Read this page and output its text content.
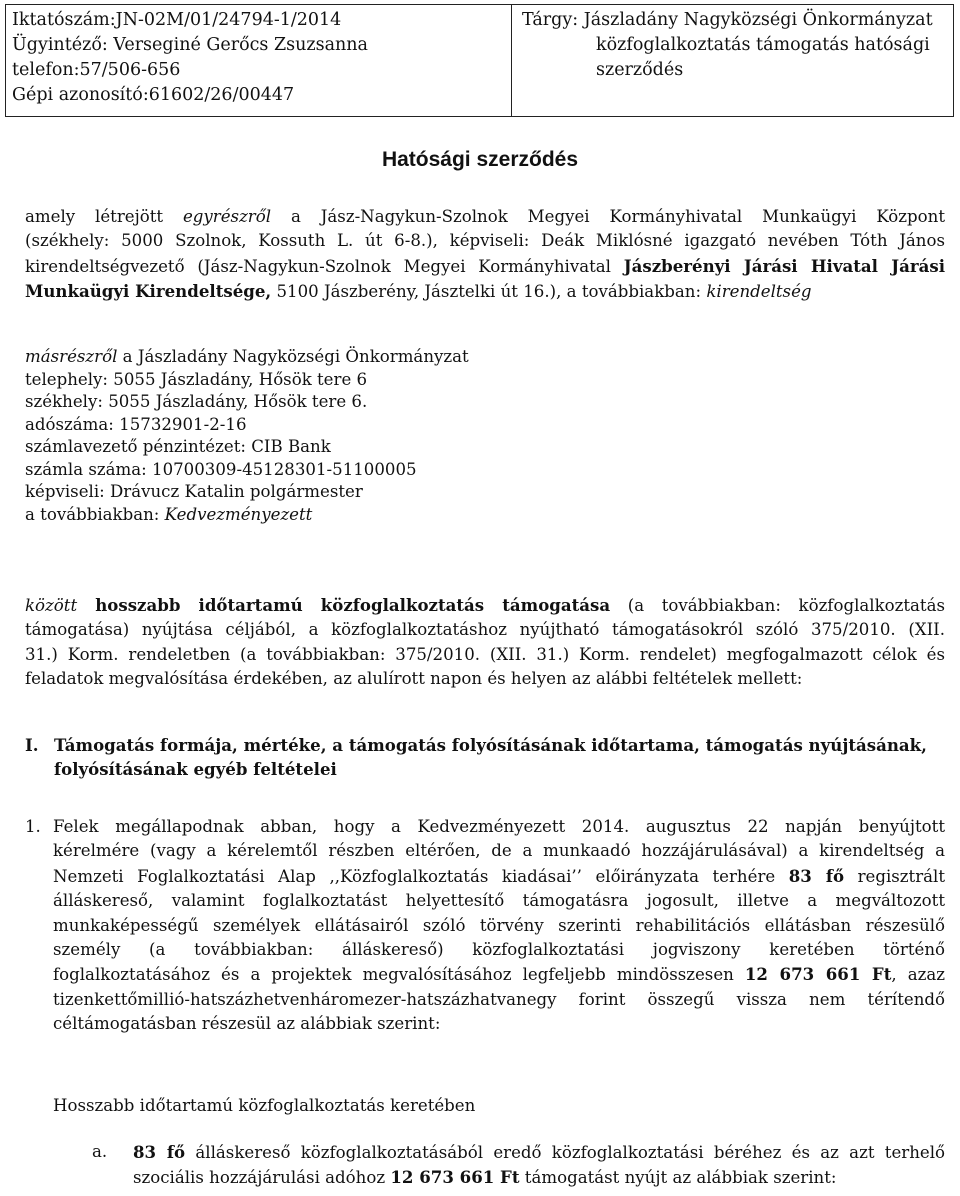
Iktatószám:JN-02M/01/24794-1/2014
Ügyintéző: Verseginé Gerőcs Zsuzsanna
telefon:57/506-656
Gépi azonosító:61602/26/00447
Tárgy: Jászladány Nagyközségi Önkormányzat
közfoglalkoztatás támogatás hatósági
szerződés
Hatósági szerződés
amely létrejött egyrészről a Jász-Nagykun-Szolnok Megyei Kormányhivatal Munkaügyi Központ
(székhely: 5000 Szolnok, Kossuth L. út 6-8.), képviseli: Deák Miklósné igazgató nevében Tóth János
kirendeltségvezető (Jász-Nagykun-Szolnok Megyei Kormányhivatal Jászberényi Járási Hivatal Járási
Munkaügyi Kirendeltsége, 5100 Jászberény, Jásztelki út 16.), a továbbiakban: kirendeltség
másrészről a Jászladány Nagyközségi Önkormányzat
telephely: 5055 Jászladány, Hősök tere 6
székhely: 5055 Jászladány, Hősök tere 6.
adószáma: 15732901-2-16
számlavezető pénzintézet: CIB Bank
számla száma: 10700309-45128301-51100005
képviseli: Drávucz Katalin polgármester
a továbbiakban: Kedvezményezett
között hosszabb időtartamú közfoglalkoztatás támogatása (a továbbiakban: közfoglalkoztatás
támogatása) nyújtása céljából, a közfoglalkoztatáshoz nyújtható támogatásokról szóló 375/2010. (XII.
31.) Korm. rendeletben (a továbbiakban: 375/2010. (XII. 31.) Korm. rendelet) megfogalmazott célok és
feladatok megvalósítása érdekében, az alulírott napon és helyen az alábbi feltételek mellett:
I. Támogatás formája, mértéke, a támogatás folyósításának időtartama, támogatás nyújtásának,
folyósításának egyéb feltételei
1. Felek megállapodnak abban, hogy a Kedvezményezett 2014. augusztus 22 napján benyújtott
kérelmére (vagy a kérelemtől részben eltérően, de a munkaadó hozzájárulásával) a kirendeltség a
Nemzeti Foglalkoztatási Alap ,,Közfoglalkoztatás kiadásai’’ előirányzata terhére 83 fő regisztrált
álláskereső, valamint foglalkoztatást helyettesítő támogatásra jogosult, illetve a megváltozott
munkaképességű személyek ellátásairól szóló törvény szerinti rehabilitációs ellátásban részesülő
személy (a továbbiakban: álláskereső) közfoglalkoztatási jogviszony keretében történő
foglalkoztatásához és a projektek megvalósításához legfeljebb mindösszesen 12 673 661 Ft, azaz
tizenkettőmillió-hatszázhetvenháromezer-hatszázhatvanegy forint összegű vissza nem térítendő
céltámogatásban részesül az alábbiak szerint:
Hosszabb időtartamú közfoglalkoztatás keretében
a. 83 fő álláskereső közfoglalkoztatásából eredő közfoglalkoztatási béréhez és az azt terhelő
szociális hozzájárulási adóhoz 12 673 661 Ft támogatást nyújt az alábbiak szerint:
